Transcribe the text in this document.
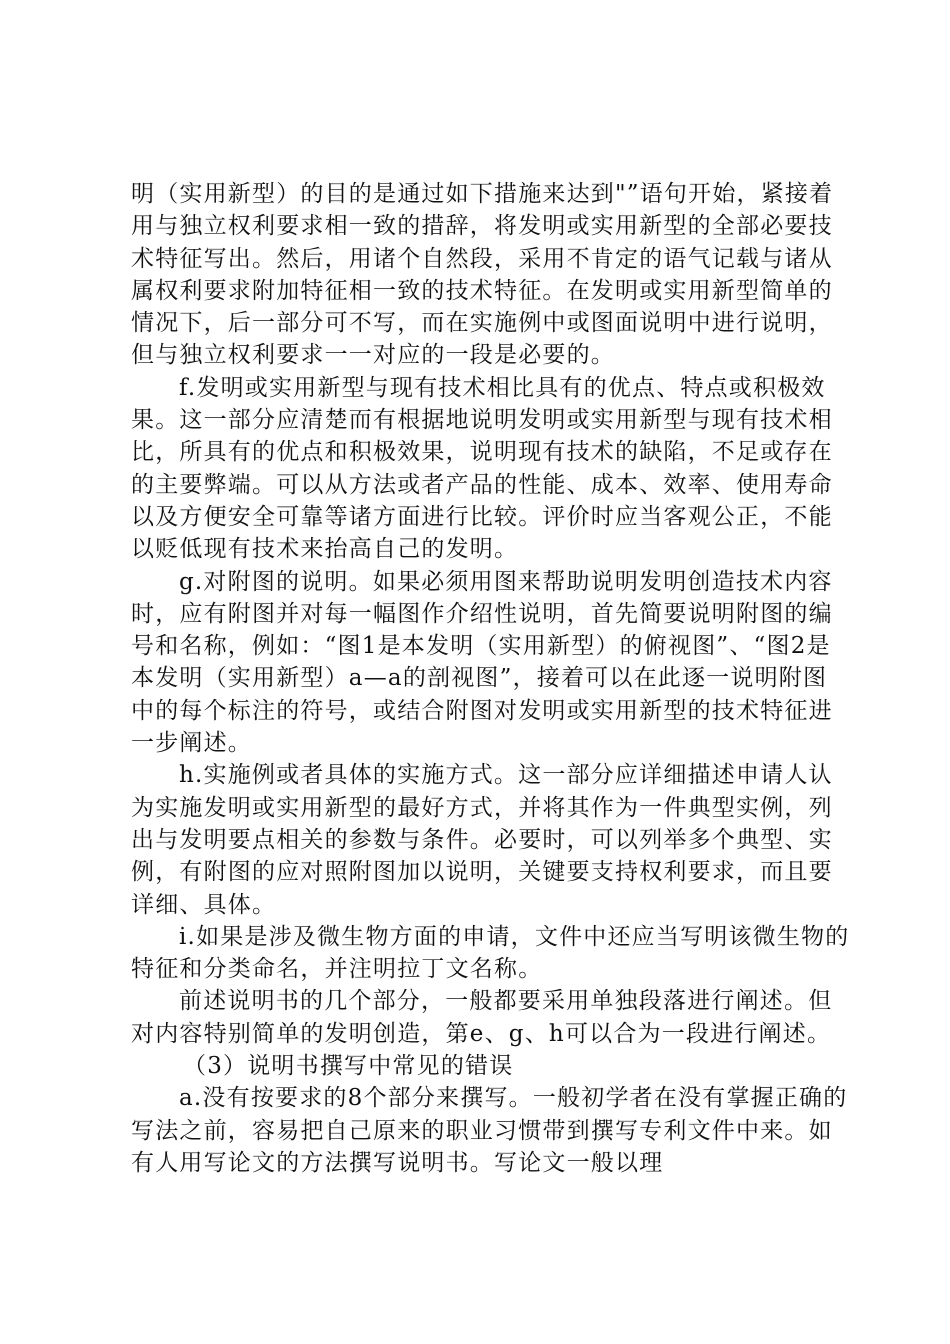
明（实用新型）的目的是通过如下措施来达到"”语句开始，紧接着用与独立权利要求相一致的措辞，将发明或实用新型的全部必要技术特征写出。然后，用诸个自然段，采用不肯定的语气记载与诸从属权利要求附加特征相一致的技术特征。在发明或实用新型简单的情况下，后一部分可不写，而在实施例中或图面说明中进行说明，但与独立权利要求一一对应的一段是必要的。

f.发明或实用新型与现有技术相比具有的优点、特点或积极效果。这一部分应清楚而有根据地说明发明或实用新型与现有技术相比，所具有的优点和积极效果，说明现有技术的缺陷，不足或存在的主要弊端。可以从方法或者产品的性能、成本、效率、使用寿命以及方便安全可靠等诸方面进行比较。评价时应当客观公正，不能以贬低现有技术来抬高自己的发明。

g.对附图的说明。如果必须用图来帮助说明发明创造技术内容时，应有附图并对每一幅图作介绍性说明，首先简要说明附图的编号和名称，例如：“图1是本发明（实用新型）的俯视图”、“图2是本发明（实用新型）a—a的剖视图”，接着可以在此逐一说明附图中的每个标注的符号，或结合附图对发明或实用新型的技术特征进一步阐述。

h.实施例或者具体的实施方式。这一部分应详细描述申请人认为实施发明或实用新型的最好方式，并将其作为一件典型实例，列出与发明要点相关的参数与条件。必要时，可以列举多个典型、实例，有附图的应对照附图加以说明，关键要支持权利要求，而且要详细、具体。

i.如果是涉及微生物方面的申请，文件中还应当写明该微生物的特征和分类命名，并注明拉丁文名称。

前述说明书的几个部分，一般都要采用单独段落进行阐述。但对内容特别简单的发明创造，第e、g、h可以合为一段进行阐述。

（3）说明书撰写中常见的错误

a.没有按要求的8个部分来撰写。一般初学者在没有掌握正确的写法之前，容易把自己原来的职业习惯带到撰写专利文件中来。如有人用写论文的方法撰写说明书。写论文一般以理
